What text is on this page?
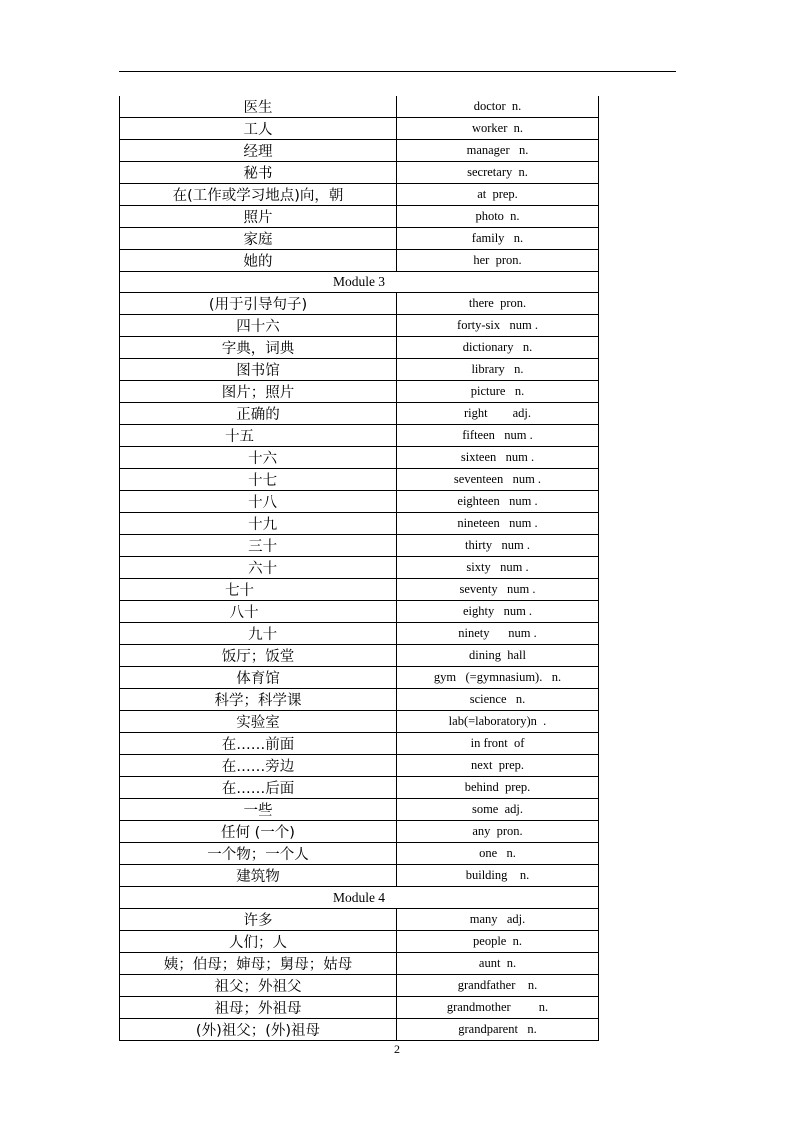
医生	doctor  n.
工人	worker  n.
经理	manager   n.
秘书	secretary  n.
在(工作或学习地点)向，朝	at  prep.
照片	photo  n.
家庭	family   n.
她的	her  pron.
Module 3	
(用于引导句子)	there  pron.
四十六	forty-six   num .
字典，词典	dictionary   n.
图书馆	library   n.
图片；照片	picture   n.
正确的	right        adj.
十五	fifteen   num .
十六	sixteen   num .
十七	seventeen   num .
十八	eighteen   num .
十九	nineteen   num .
三十	thirty   num .
六十	sixty   num .
七十	seventy   num .
八十	eighty   num .
九十	ninety      num .
饭厅；饭堂	dining  hall
体育馆	gym   (=gymnasium).   n.
科学；科学课	science   n.
实验室	lab(=laboratory)n  .
在……前面	in front  of
在……旁边	next  prep.
在……后面	behind  prep.
一些	some  adj.
任何 (一个)	any  pron.
一个物；一个人	one   n.
建筑物	building    n.
Module 4	
许多	many   adj.
人们；人	people  n.
姨；伯母；婶母；舅母；姑母	aunt  n.
祖父；外祖父	grandfather    n.
祖母；外祖母	grandmother         n.
(外)祖父；(外)祖母	grandparent   n.
2
